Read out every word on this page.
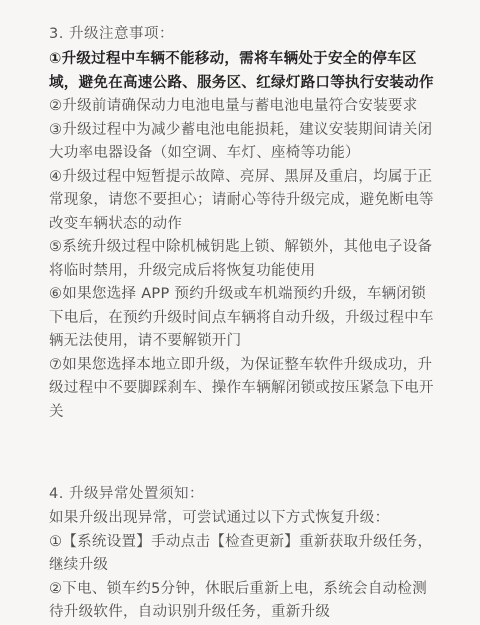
3. 升级注意事项：

①升级过程中车辆不能移动，需将车辆处于安全的停车区域，避免在高速公路、服务区、红绿灯路口等执行安装动作

②升级前请确保动力电池电量与蓄电池电量符合安装要求

③升级过程中为减少蓄电池电能损耗，建议安装期间请关闭大功率电器设备（如空调、车灯、座椅等功能）

④升级过程中短暂提示故障、亮屏、黑屏及重启，均属于正常现象，请您不要担心；请耐心等待升级完成，避免断电等改变车辆状态的动作

⑤系统升级过程中除机械钥匙上锁、解锁外，其他电子设备将临时禁用，升级完成后将恢复功能使用

⑥如果您选择 APP 预约升级或车机端预约升级，车辆闭锁下电后，在预约升级时间点车辆将自动升级，升级过程中车辆无法使用，请不要解锁开门

⑦如果您选择本地立即升级，为保证整车软件升级成功，升级过程中不要脚踩刹车、操作车辆解闭锁或按压紧急下电开关

4. 升级异常处置须知：

如果升级出现异常，可尝试通过以下方式恢复升级：

①【系统设置】手动点击【检查更新】重新获取升级任务，继续升级

②下电、锁车约5分钟，休眠后重新上电，系统会自动检测待升级软件，自动识别升级任务，重新升级
